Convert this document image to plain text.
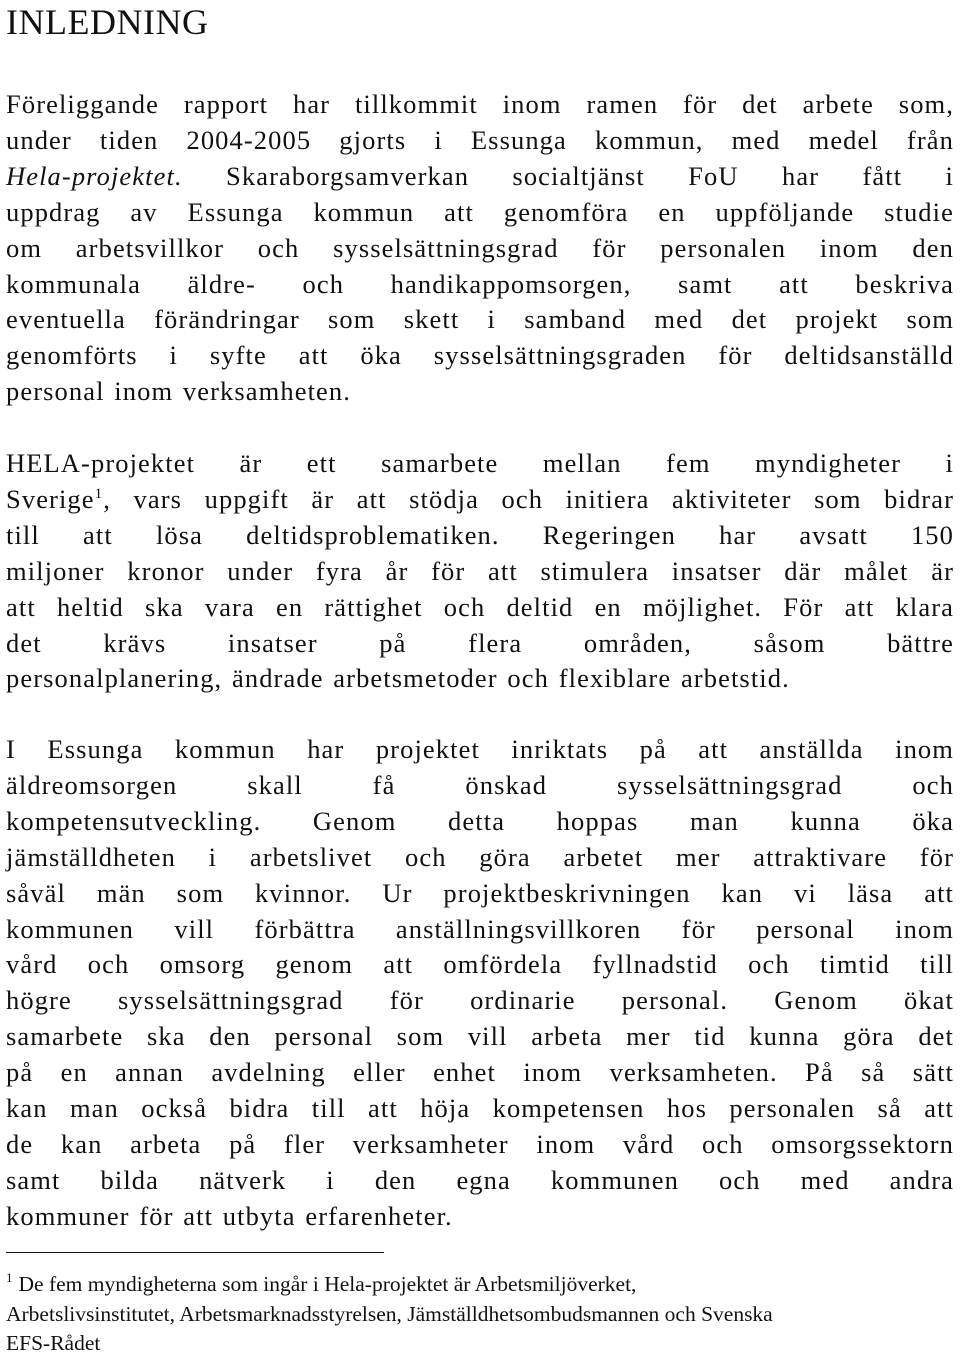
INLEDNING
Föreliggande rapport har tillkommit inom ramen för det arbete som,
under tiden 2004-2005 gjorts i Essunga kommun, med medel från
Hela-projektet. Skaraborgsamverkan socialtjänst FoU har fått i
uppdrag av Essunga kommun att genomföra en uppföljande studie
om arbetsvillkor och sysselsättningsgrad för personalen inom den
kommunala äldre- och handikappomsorgen, samt att beskriva
eventuella förändringar som skett i samband med det projekt som
genomförts i syfte att öka sysselsättningsgraden för deltidsanställd
personal inom verksamheten.
HELA-projektet är ett samarbete mellan fem myndigheter i
Sverige$^1$, vars uppgift är att stödja och initiera aktiviteter som bidrar
till att lösa deltidsproblematiken. Regeringen har avsatt 150
miljoner kronor under fyra år för att stimulera insatser där målet är
att heltid ska vara en rättighet och deltid en möjlighet. För att klara
det krävs insatser på flera områden, såsom bättre
personalplanering, ändrade arbetsmetoder och flexiblare arbetstid.
I Essunga kommun har projektet inriktats på att anställda inom
äldreomsorgen skall få önskad sysselsättningsgrad och
kompetensutveckling. Genom detta hoppas man kunna öka
jämställdheten i arbetslivet och göra arbetet mer attraktivare för
såväl män som kvinnor. Ur projektbeskrivningen kan vi läsa att
kommunen vill förbättra anställningsvillkoren för personal inom
vård och omsorg genom att omfördela fyllnadstid och timtid till
högre sysselsättningsgrad för ordinarie personal. Genom ökat
samarbete ska den personal som vill arbeta mer tid kunna göra det
på en annan avdelning eller enhet inom verksamheten. På så sätt
kan man också bidra till att höja kompetensen hos personalen så att
de kan arbeta på fler verksamheter inom vård och omsorgssektorn
samt bilda nätverk i den egna kommunen och med andra
kommuner för att utbyta erfarenheter.
$^1$ De fem myndigheterna som ingår i Hela-projektet är Arbetsmiljöverket,
Arbetslivsinstitutet, Arbetsmarknadsstyrelsen, Jämställdhetsombudsmannen och Svenska
EFS-Rådet
